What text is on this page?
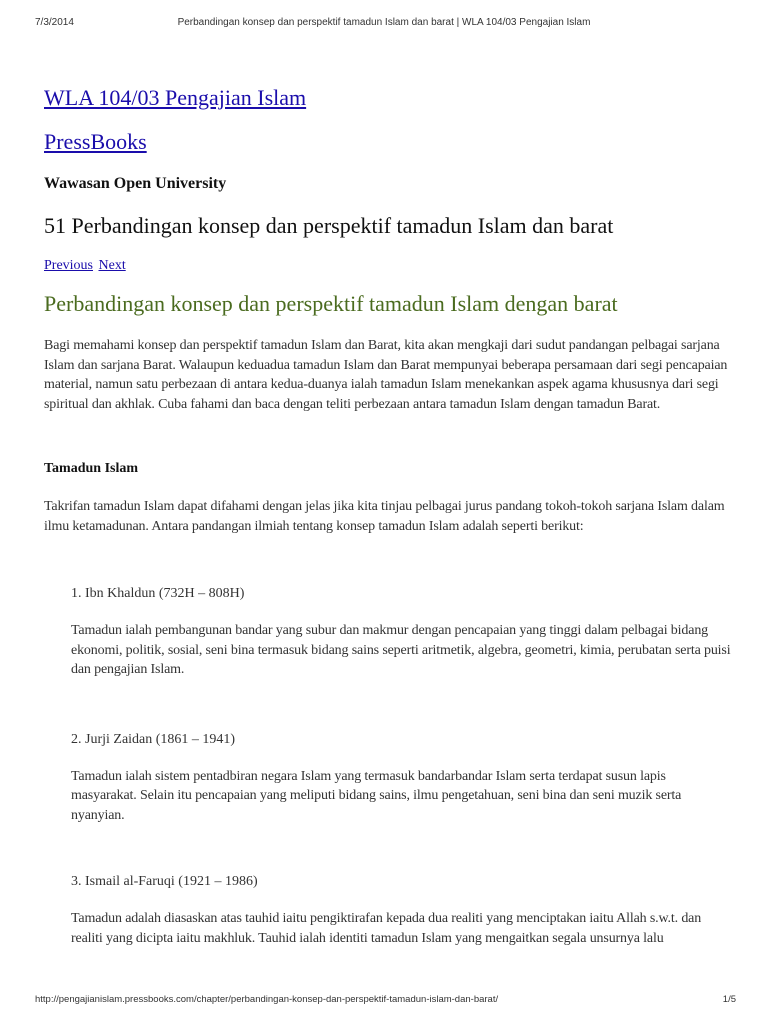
7/3/2014	Perbandingan konsep dan perspektif tamadun Islam dan barat | WLA 104/03 Pengajian Islam
WLA 104/03 Pengajian Islam
PressBooks
Wawasan Open University
51 Perbandingan konsep dan perspektif tamadun Islam dan barat
Previous Next
Perbandingan konsep dan perspektif tamadun Islam dengan barat

Bagi memahami konsep dan perspektif tamadun Islam dan Barat, kita akan mengkaji dari sudut pandangan pelbagai sarjana Islam dan sarjana Barat. Walaupun keduadua tamadun Islam dan Barat mempunyai beberapa persamaan dari segi pencapaian material, namun satu perbezaan di antara kedua-duanya ialah tamadun Islam menekankan aspek agama khususnya dari segi spiritual dan akhlak. Cuba fahami dan baca dengan teliti perbezaan antara tamadun Islam dengan tamadun Barat.

Tamadun Islam

Takrifan tamadun Islam dapat difahami dengan jelas jika kita tinjau pelbagai jurus pandang tokoh-tokoh sarjana Islam dalam ilmu ketamadunan. Antara pandangan ilmiah tentang konsep tamadun Islam adalah seperti berikut:

1. Ibn Khaldun (732H – 808H)
Tamadun ialah pembangunan bandar yang subur dan makmur dengan pencapaian yang tinggi dalam pelbagai bidang ekonomi, politik, sosial, seni bina termasuk bidang sains seperti aritmetik, algebra, geometri, kimia, perubatan serta puisi dan pengajian Islam.
2. Jurji Zaidan (1861 – 1941)
Tamadun ialah sistem pentadbiran negara Islam yang termasuk bandarbandar Islam serta terdapat susun lapis masyarakat. Selain itu pencapaian yang meliputi bidang sains, ilmu pengetahuan, seni bina dan seni muzik serta nyanyian.
3. Ismail al-Faruqi (1921 – 1986)
Tamadun adalah diasaskan atas tauhid iaitu pengiktirafan kepada dua realiti yang menciptakan iaitu Allah s.w.t. dan realiti yang dicipta iaitu makhluk. Tauhid ialah identiti tamadun Islam yang mengaitkan segala unsurnya lalu
http://pengajianislam.pressbooks.com/chapter/perbandingan-konsep-dan-perspektif-tamadun-islam-dan-barat/	1/5
